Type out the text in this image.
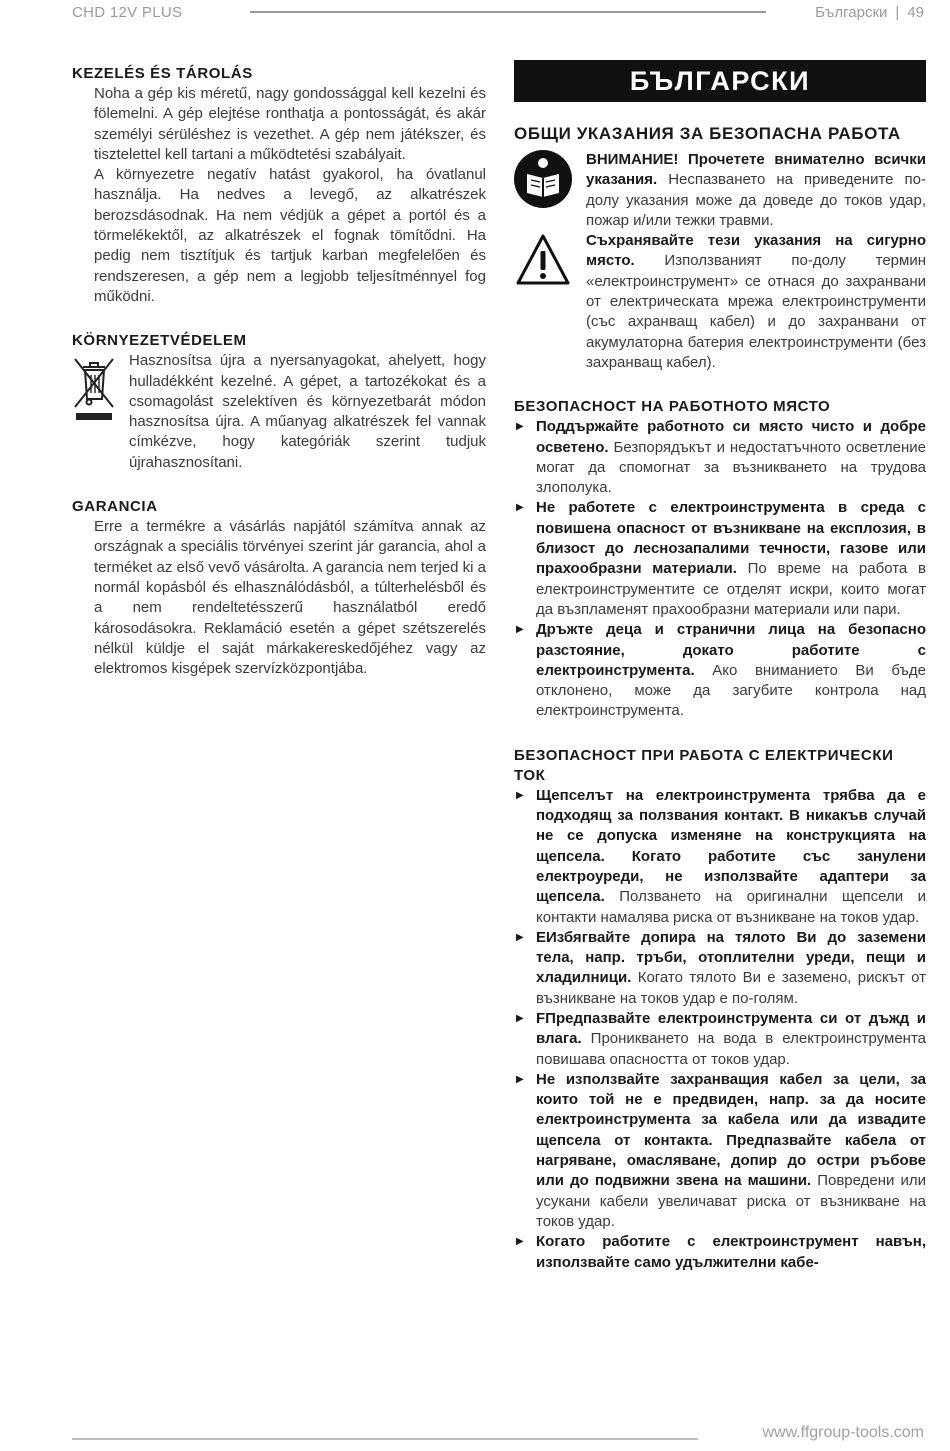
CHD 12V PLUS	Български | 49
KEZELÉS ÉS TÁROLÁS

Noha a gép kis méretű, nagy gondossággal kell kezelni és fölemelni. A gép elejtése ronthatja a pontosságát, és akár személyi sérüléshez is vezethet. A gép nem játékszer, és tisztelettel kell tartani a működtetési szabályait.

A környezetre negatív hatást gyakorol, ha óvatlanul használja. Ha nedves a levegő, az alkatrészek berozsdásodnak. Ha nem védjük a gépet a portól és a törmelékektől, az alkatrészek el fognak tömítődni. Ha pedig nem tisztítjuk és tartjuk karban megfelelően és rendszeresen, a gép nem a legjobb teljesítménnyel fog működni.

KÖRNYEZETVÉDELEM

Hasznosítsa újra a nyersanyagokat, ahelyett, hogy hulladékként kezelné. A gépet, a tartozékokat és a csomagolást szelektíven és környezetbarát módon hasznosítsa újra. A műanyag alkatrészek fel vannak címkézve, hogy kategóriák szerint tudjuk újrahasznosítani.

GARANCIA

Erre a termékre a vásárlás napjától számítva annak az országnak a speciális törvényei szerint jár garancia, ahol a terméket az első vevő vásárolta. A garancia nem terjed ki a normál kopásból és elhasználódásból, a túlterhelésből és a nem rendeltetésszerű használatból eredő károsodásokra. Reklamáció esetén a gépet szétszerelés nélkül küldje el saját márkakereskedőjéhez vagy az elektromos kisgépek szervízközpontjába.

БЪЛГАРСКИ
ОБЩИ УКАЗАНИЯ ЗА БЕЗОПАСНА РАБОТА

ВНИМАНИЕ! Прочетете внимателно всички указания. Неспазването на приведените по-долу указания може да доведе до токов удар, пожар и/или тежки травми.

Съхранявайте тези указания на сигурно място. Използваният по-долу термин «електроинструмент» се отнася до захранвани от електрическата мрежа електроинструменти (със ахранващ кабел) и до захранвани от акумулаторна батерия електроинструменти (без захранващ кабел).

БЕЗОПАСНОСТ НА РАБОТНОТО МЯСТО
▶ Поддържайте работното си място чисто и добре осветено. Безпорядъкът и недостатъчното осветление могат да спомогнат за възникването на трудова злополука.
▶ Не работете с електроинструмента в среда с повишена опасност от възникване на експлозия, в близост до леснозапалими течности, газове или прахообразни материали. По време на работа в електроинструментите се отделят искри, които могат да възпламенят прахообразни материали или пари.
▶ Дръжте деца и странични лица на безопасно разстояние, докато работите с електроинструмента. Ако вниманието Ви бъде отклонено, може да загубите контрола над електроинструмента.
БЕЗОПАСНОСТ ПРИ РАБОТА С ЕЛЕКТРИЧЕСКИ ТОК
▶ Щепселът на електроинструмента трябва да е подходящ за ползвания контакт. В никакъв случай не се допуска изменяне на конструкцията на щепсела. Когато работите със занулени електроуреди, не използвайте адаптери за щепсела. Ползването на оригинални щепсели и контакти намалява риска от възникване на токов удар.
▶ ЕИзбягвайте допира на тялото Ви до заземени тела, напр. тръби, отоплителни уреди, пещи и хладилници. Когато тялото Ви е заземено, рискът от възникване на токов удар е по-голям.
▶ FПредпазвайте електроинструмента си от дъжд и влага. Проникването на вода в електроинструмента повишава опасността от токов удар.
▶ Не използвайте захранващия кабел за цели, за които той не е предвиден, напр. за да носите електроинструмента за кабела или да извадите щепсела от контакта. Предпазвайте кабела от нагряване, омасляване, допир до остри ръбове или до подвижни звена на машини. Повредени или усукани кабели увеличават риска от възникване на токов удар.
▶ Когато работите с електроинструмент навън, използвайте само удължителни кабе-
www.ffgroup-tools.com
